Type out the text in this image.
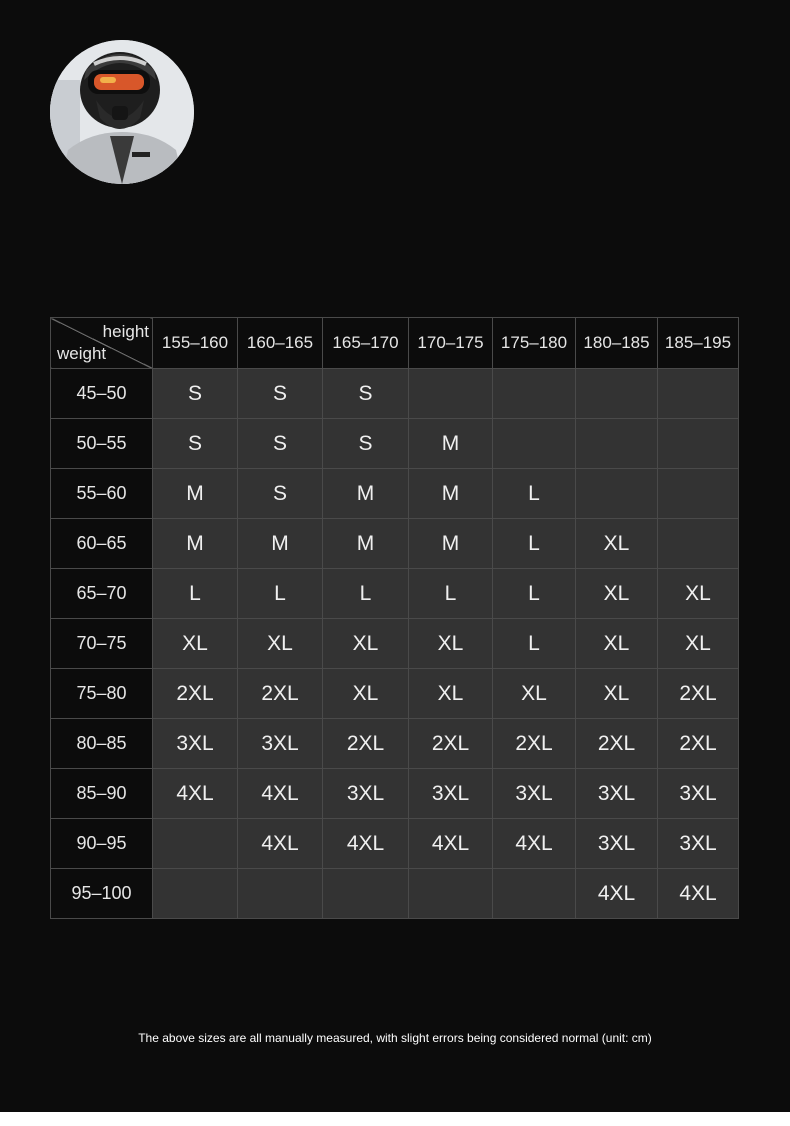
height
weight	155–160	160–165	165–170	170–175	175–180	180–185	185–195
45–50	S	S	S				
50–55	S	S	S	M			
55–60	M	S	M	M	L		
60–65	M	M	M	M	L	XL	
65–70	L	L	L	L	L	XL	XL
70–75	XL	XL	XL	XL	L	XL	XL
75–80	2XL	2XL	XL	XL	XL	XL	2XL
80–85	3XL	3XL	2XL	2XL	2XL	2XL	2XL
85–90	4XL	4XL	3XL	3XL	3XL	3XL	3XL
90–95		4XL	4XL	4XL	4XL	3XL	3XL
95–100						4XL	4XL
The above sizes are all manually measured, with slight errors being considered normal (unit: cm)
